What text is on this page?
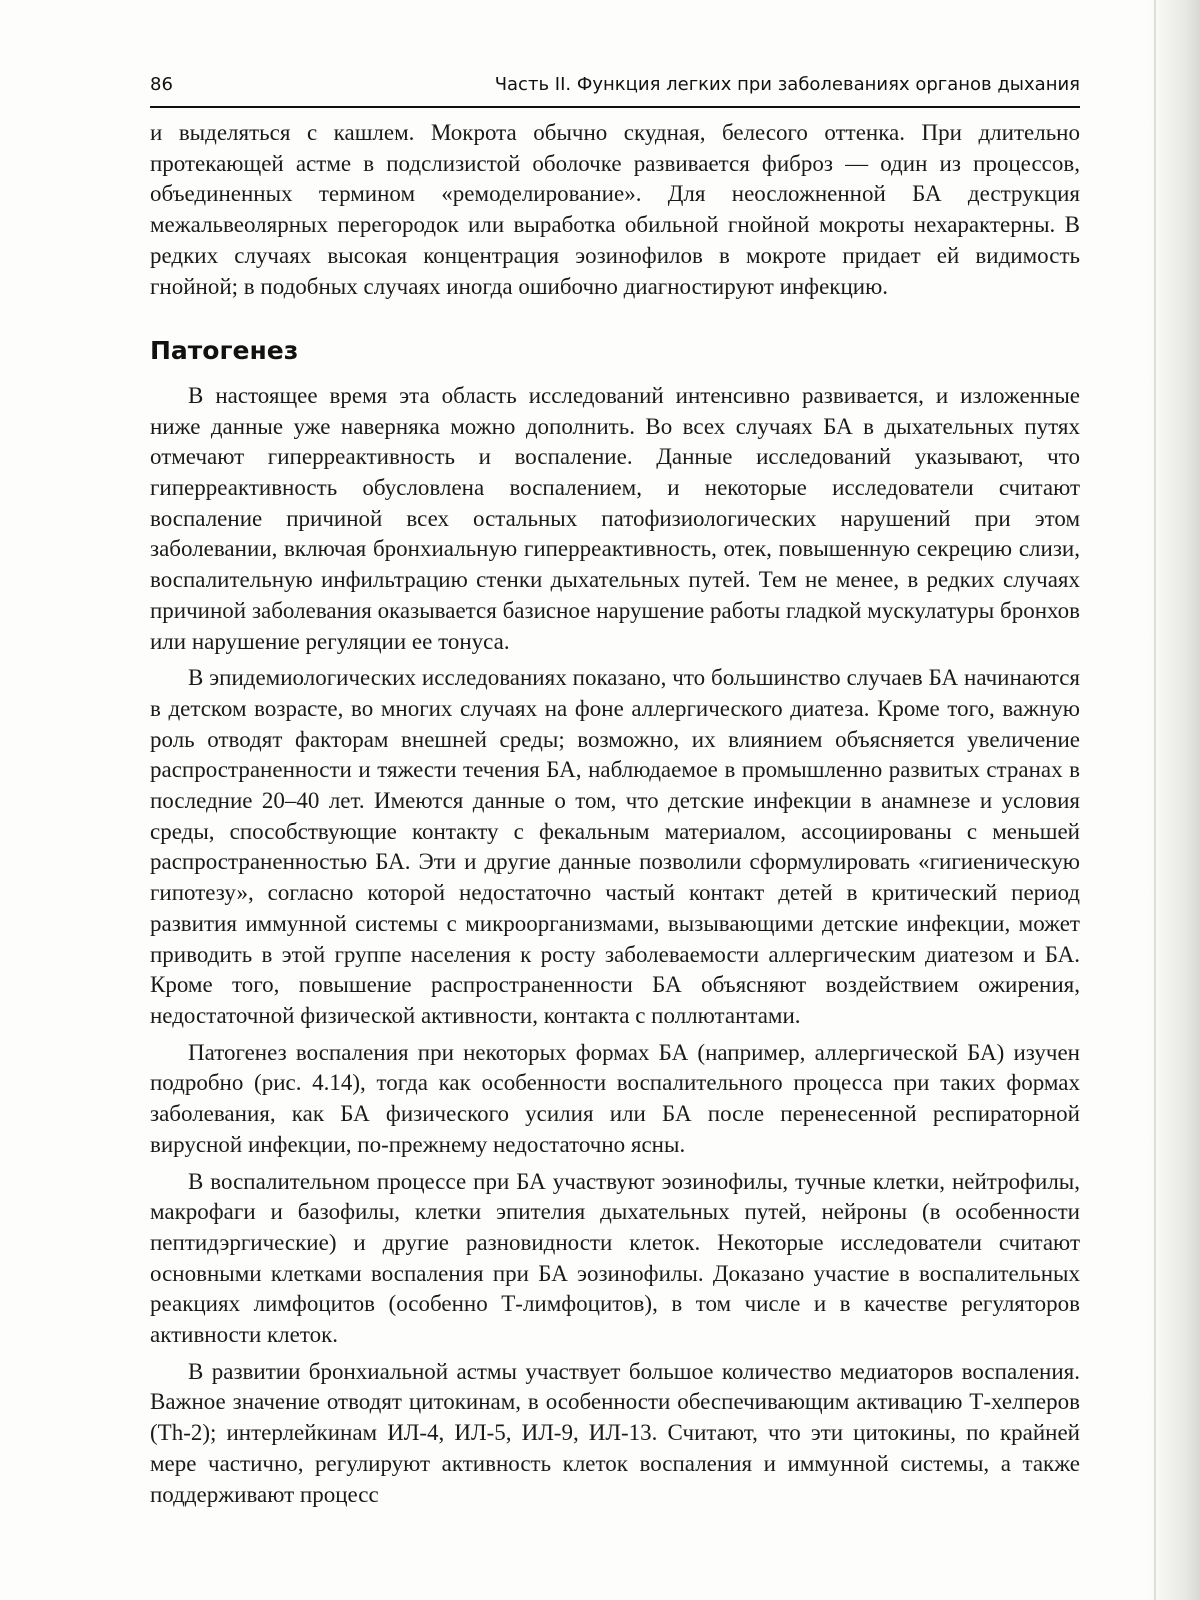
86	Часть II. Функция легких при заболеваниях органов дыхания

и выделяться с кашлем. Мокрота обычно скудная, белесого оттенка. При длительно протекающей астме в подслизистой оболочке развивается фиброз — один из процессов, объединенных термином «ремоделирование». Для неосложненной БА деструкция межальвеолярных перегородок или выработка обильной гнойной мокроты нехарактерны. В редких случаях высокая концентрация эозинофилов в мокроте придает ей видимость гнойной; в подобных случаях иногда ошибочно диагностируют инфекцию.

Патогенез

В настоящее время эта область исследований интенсивно развивается, и изложенные ниже данные уже наверняка можно дополнить. Во всех случаях БА в дыхательных путях отмечают гиперреактивность и воспаление. Данные исследований указывают, что гиперреактивность обусловлена воспалением, и некоторые исследователи считают воспаление причиной всех остальных патофизиологических нарушений при этом заболевании, включая бронхиальную гиперреактивность, отек, повышенную секрецию слизи, воспалительную инфильтрацию стенки дыхательных путей. Тем не менее, в редких случаях причиной заболевания оказывается базисное нарушение работы гладкой мускулатуры бронхов или нарушение регуляции ее тонуса.

В эпидемиологических исследованиях показано, что большинство случаев БА начинаются в детском возрасте, во многих случаях на фоне аллергического диатеза. Кроме того, важную роль отводят факторам внешней среды; возможно, их влиянием объясняется увеличение распространенности и тяжести течения БА, наблюдаемое в промышленно развитых странах в последние 20–40 лет. Имеются данные о том, что детские инфекции в анамнезе и условия среды, способствующие контакту с фекальным материалом, ассоциированы с меньшей распространенностью БА. Эти и другие данные позволили сформулировать «гигиеническую гипотезу», согласно которой недостаточно частый контакт детей в критический период развития иммунной системы с микроорганизмами, вызывающими детские инфекции, может приводить в этой группе населения к росту заболеваемости аллергическим диатезом и БА. Кроме того, повышение распространенности БА объясняют воздействием ожирения, недостаточной физической активности, контакта с поллютантами.

Патогенез воспаления при некоторых формах БА (например, аллергической БА) изучен подробно (рис. 4.14), тогда как особенности воспалительного процесса при таких формах заболевания, как БА физического усилия или БА после перенесенной респираторной вирусной инфекции, по-прежнему недостаточно ясны.

В воспалительном процессе при БА участвуют эозинофилы, тучные клетки, нейтрофилы, макрофаги и базофилы, клетки эпителия дыхательных путей, нейроны (в особенности пептидэргические) и другие разновидности клеток. Некоторые исследователи считают основными клетками воспаления при БА эозинофилы. Доказано участие в воспалительных реакциях лимфоцитов (особенно Т-лимфоцитов), в том числе и в качестве регуляторов активности клеток.

В развитии бронхиальной астмы участвует большое количество медиаторов воспаления. Важное значение отводят цитокинам, в особенности обеспечивающим активацию Т-хелперов (Th-2); интерлейкинам ИЛ-4, ИЛ-5, ИЛ-9, ИЛ-13. Считают, что эти цитокины, по крайней мере частично, регулируют активность клеток воспаления и иммунной системы, а также поддерживают процесс
